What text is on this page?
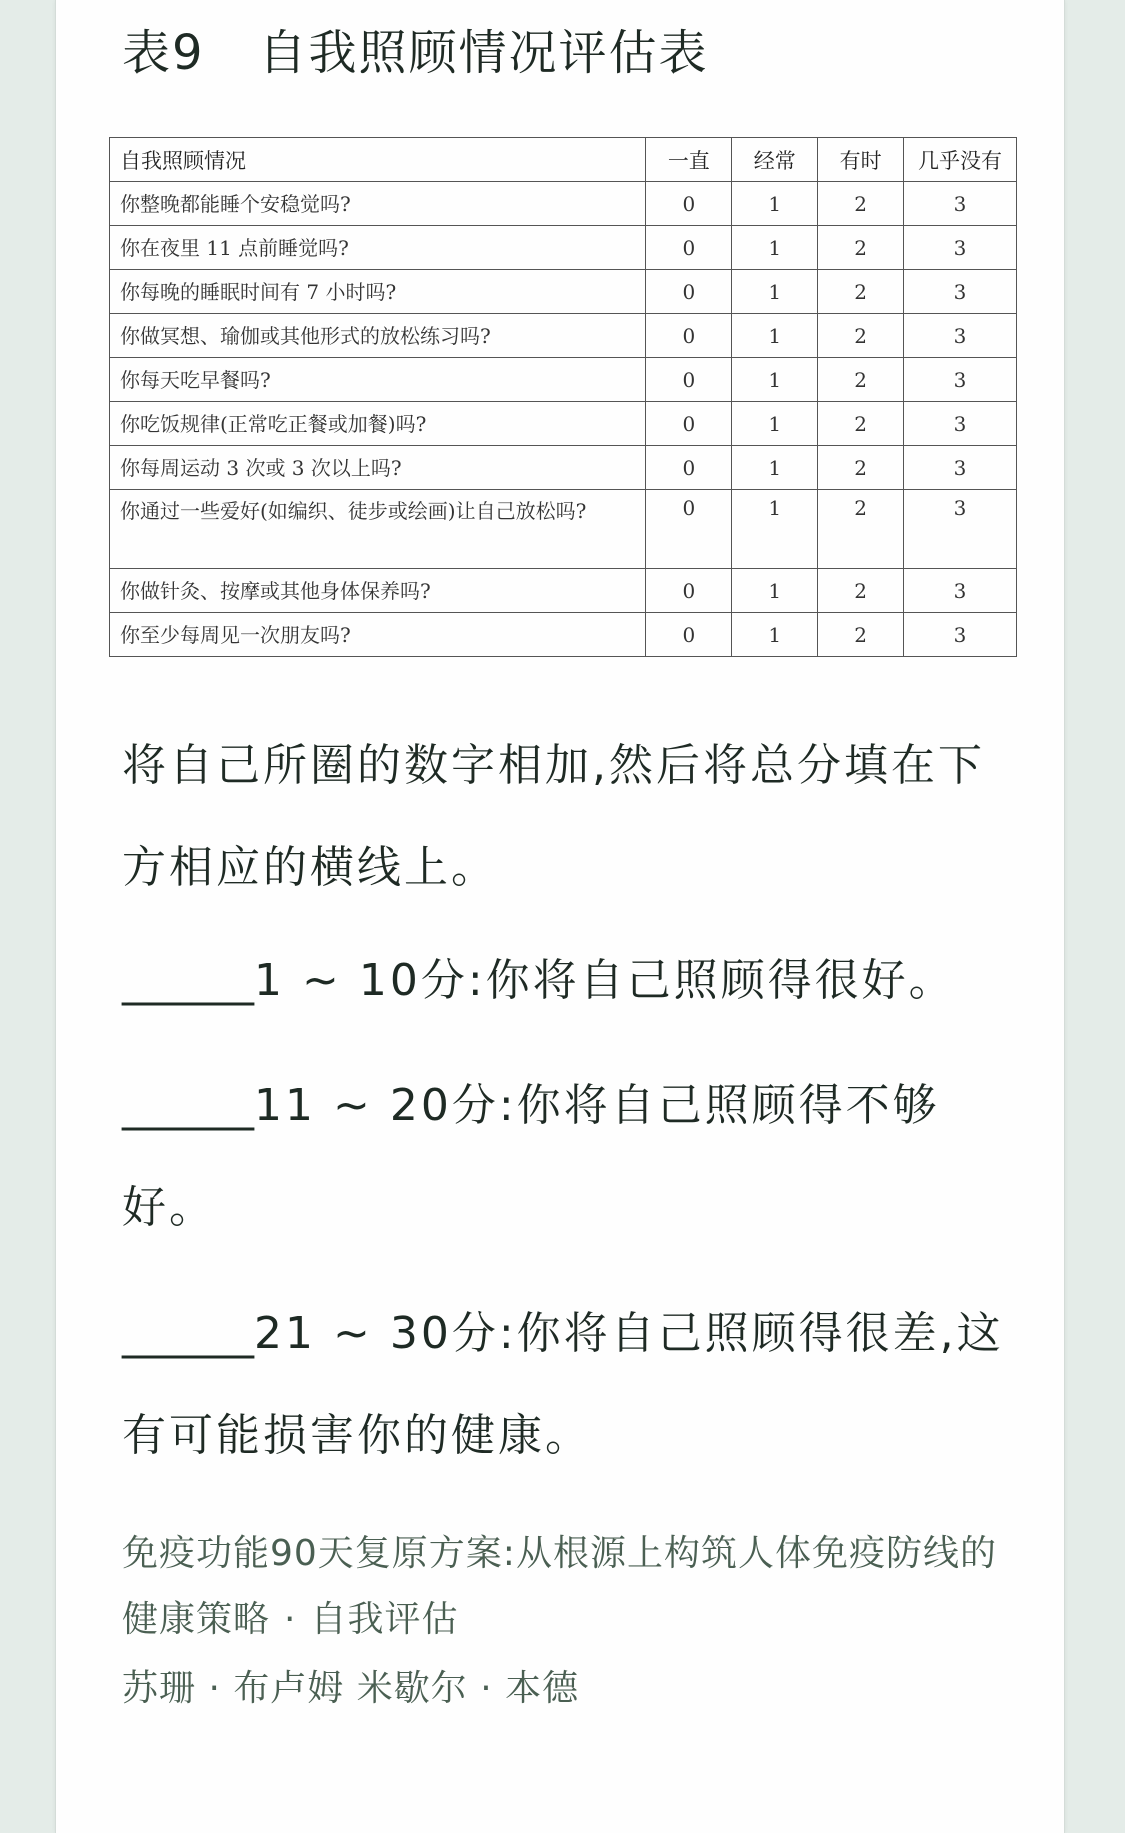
表9 自我照顾情况评估表
自我照顾情况	一直	经常	有时	几乎没有
你整晚都能睡个安稳觉吗?	0	1	2	3
你在夜里 11 点前睡觉吗?	0	1	2	3
你每晚的睡眠时间有 7 小时吗?	0	1	2	3
你做冥想、瑜伽或其他形式的放松练习吗?	0	1	2	3
你每天吃早餐吗?	0	1	2	3
你吃饭规律(正常吃正餐或加餐)吗?	0	1	2	3
你每周运动 3 次或 3 次以上吗?	0	1	2	3
你通过一些爱好(如编织、徒步或绘画)让自己放松吗?	0	1	2	3
你做针灸、按摩或其他身体保养吗?	0	1	2	3
你至少每周见一次朋友吗?	0	1	2	3

将自己所圈的数字相加,然后将总分填在下方相应的横线上。

______1 ~ 10分:你将自己照顾得很好。

______11 ~ 20分:你将自己照顾得不够好。

______21 ~ 30分:你将自己照顾得很差,这有可能损害你的健康。

免疫功能90天复原方案:从根源上构筑人体免疫防线的健康策略 · 自我评估

苏珊 · 布卢姆 米歇尔 · 本德
